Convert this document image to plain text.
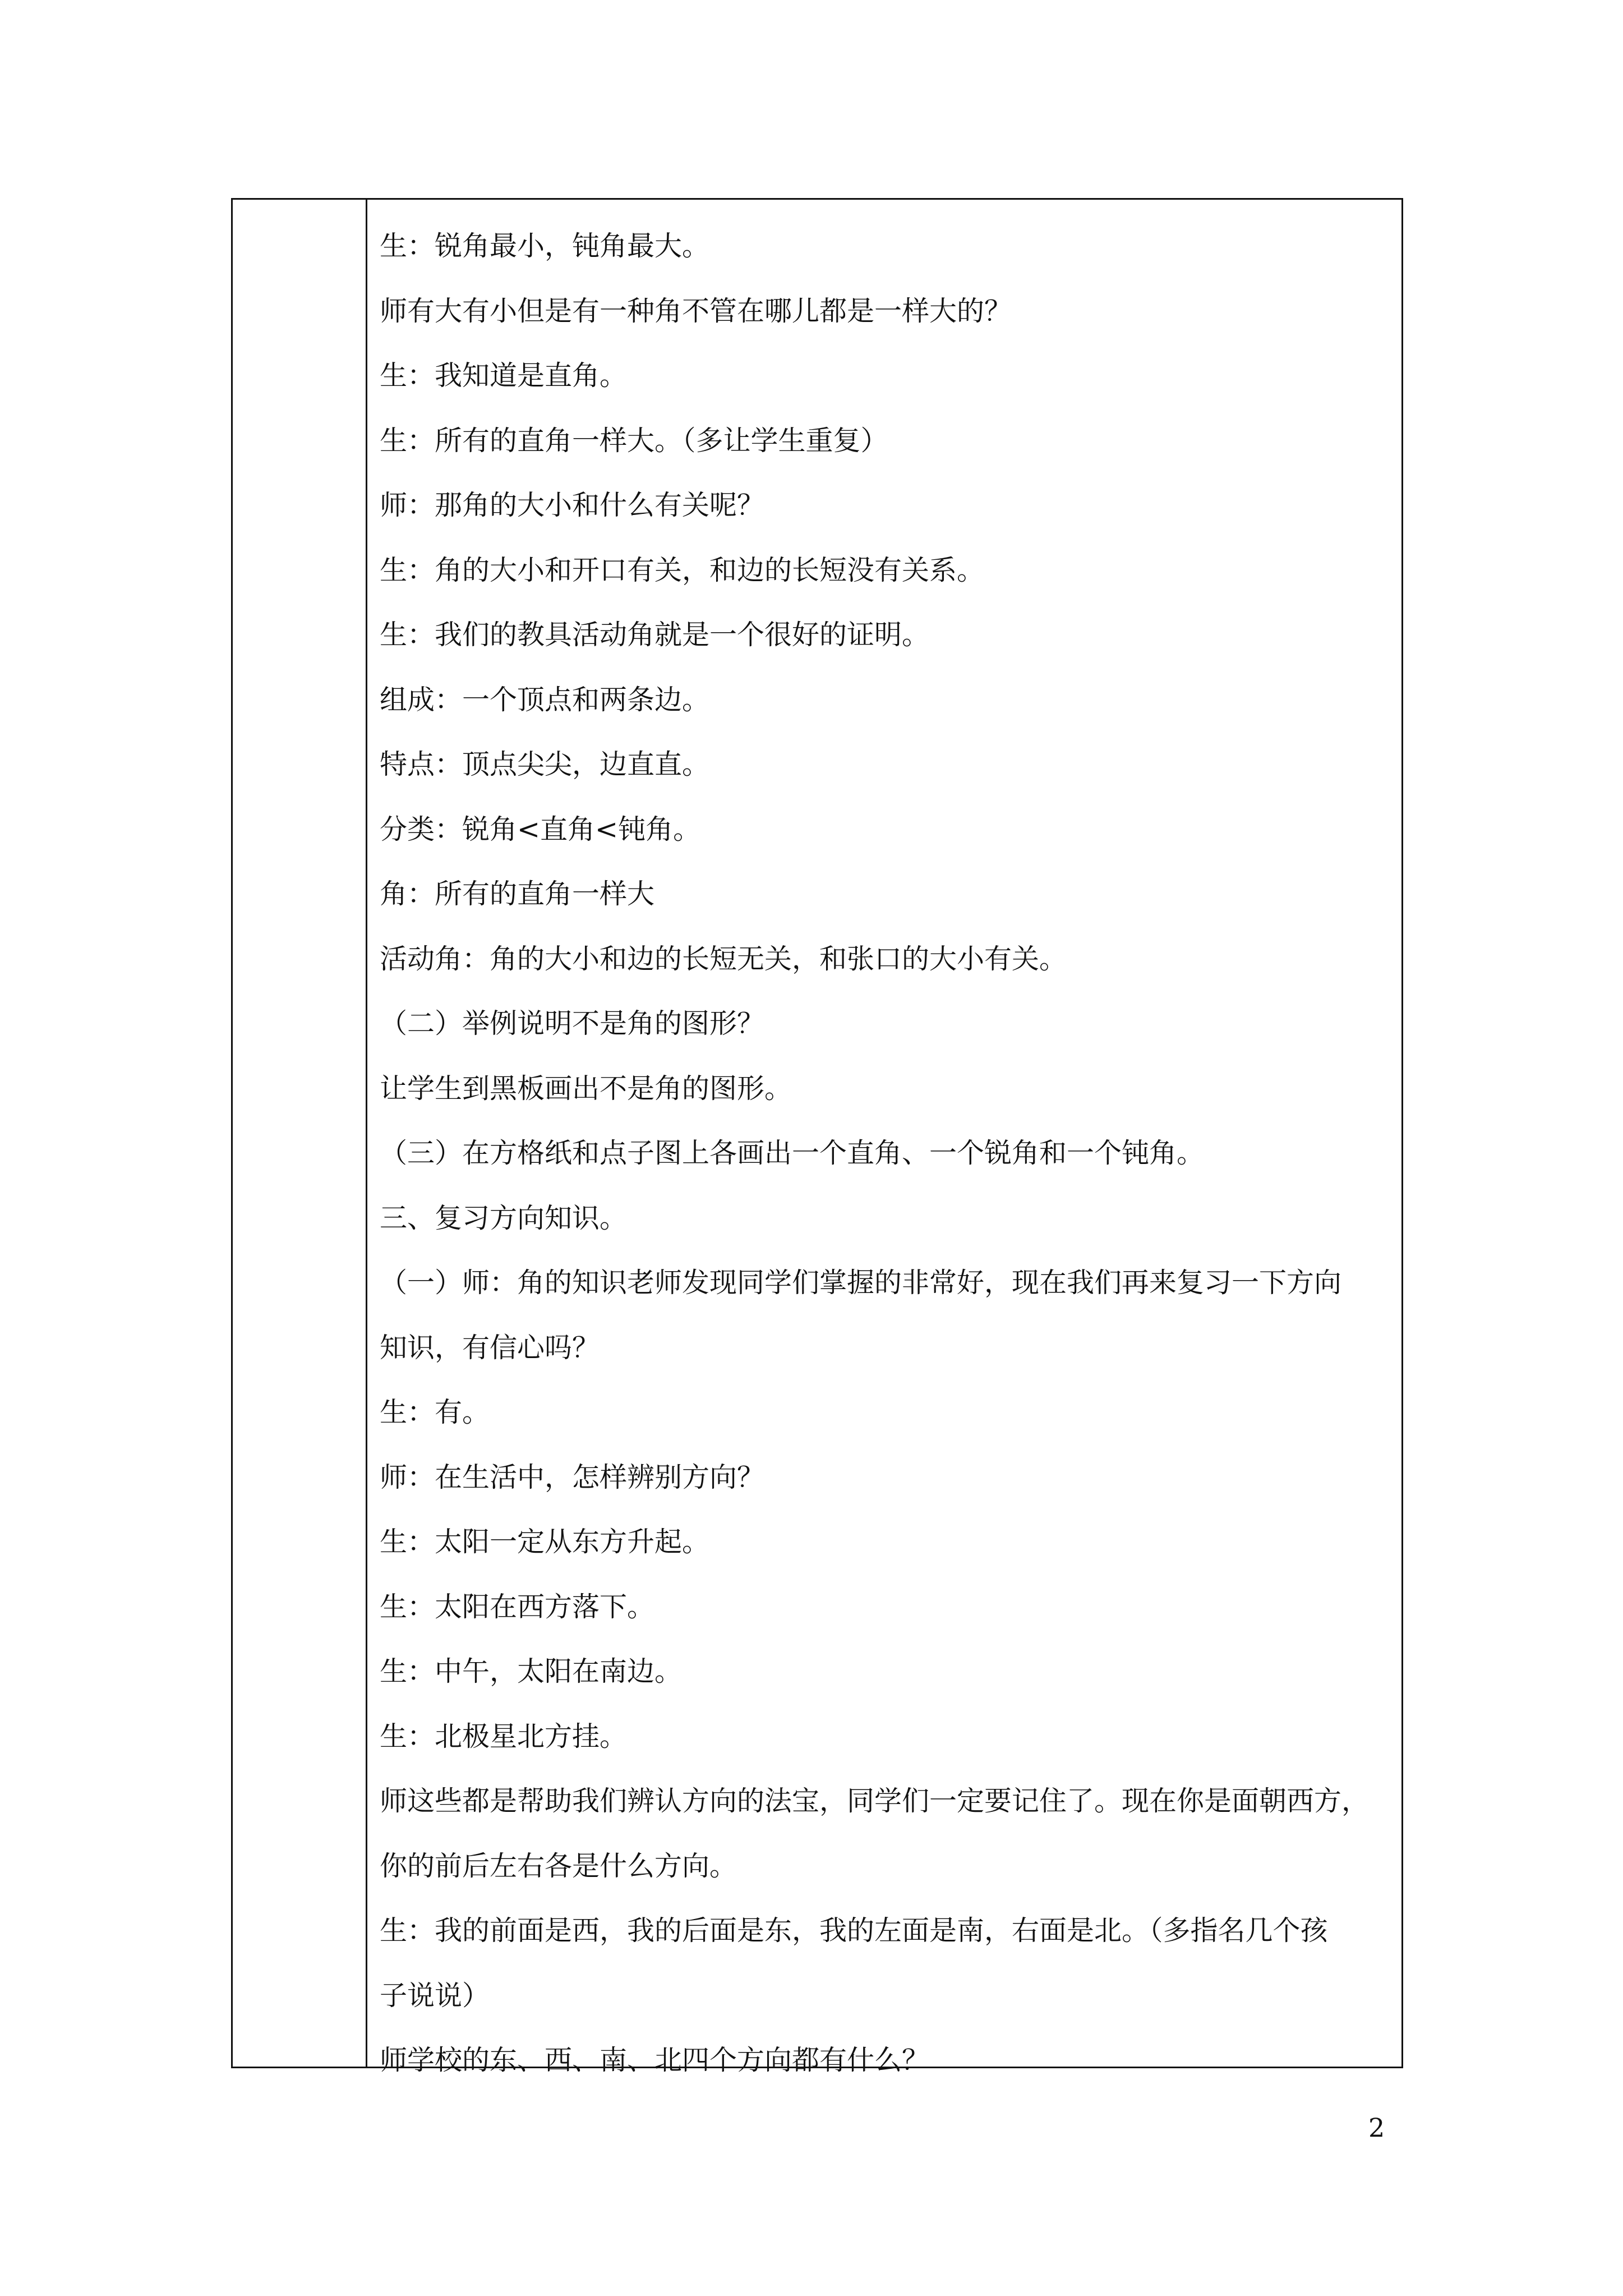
生：锐角最小，钝角最大。
师有大有小但是有一种角不管在哪儿都是一样大的？
生：我知道是直角。
生：所有的直角一样大。（多让学生重复）
师：那角的大小和什么有关呢？
生：角的大小和开口有关，和边的长短没有关系。
生：我们的教具活动角就是一个很好的证明。
组成：一个顶点和两条边。
特点：顶点尖尖，边直直。
分类：锐角<直角<钝角。
角：所有的直角一样大
活动角：角的大小和边的长短无关，和张口的大小有关。
（二）举例说明不是角的图形？
让学生到黑板画出不是角的图形。
（三）在方格纸和点子图上各画出一个直角、一个锐角和一个钝角。
三、复习方向知识。
（一）师：角的知识老师发现同学们掌握的非常好，现在我们再来复习一下方向
知识，有信心吗？
生：有。
师：在生活中，怎样辨别方向？
生：太阳一定从东方升起。
生：太阳在西方落下。
生：中午，太阳在南边。
生：北极星北方挂。
师这些都是帮助我们辨认方向的法宝，同学们一定要记住了。现在你是面朝西方，
你的前后左右各是什么方向。
生：我的前面是西，我的后面是东，我的左面是南，右面是北。（多指名几个孩
子说说）
师学校的东、西、南、北四个方向都有什么？
2
